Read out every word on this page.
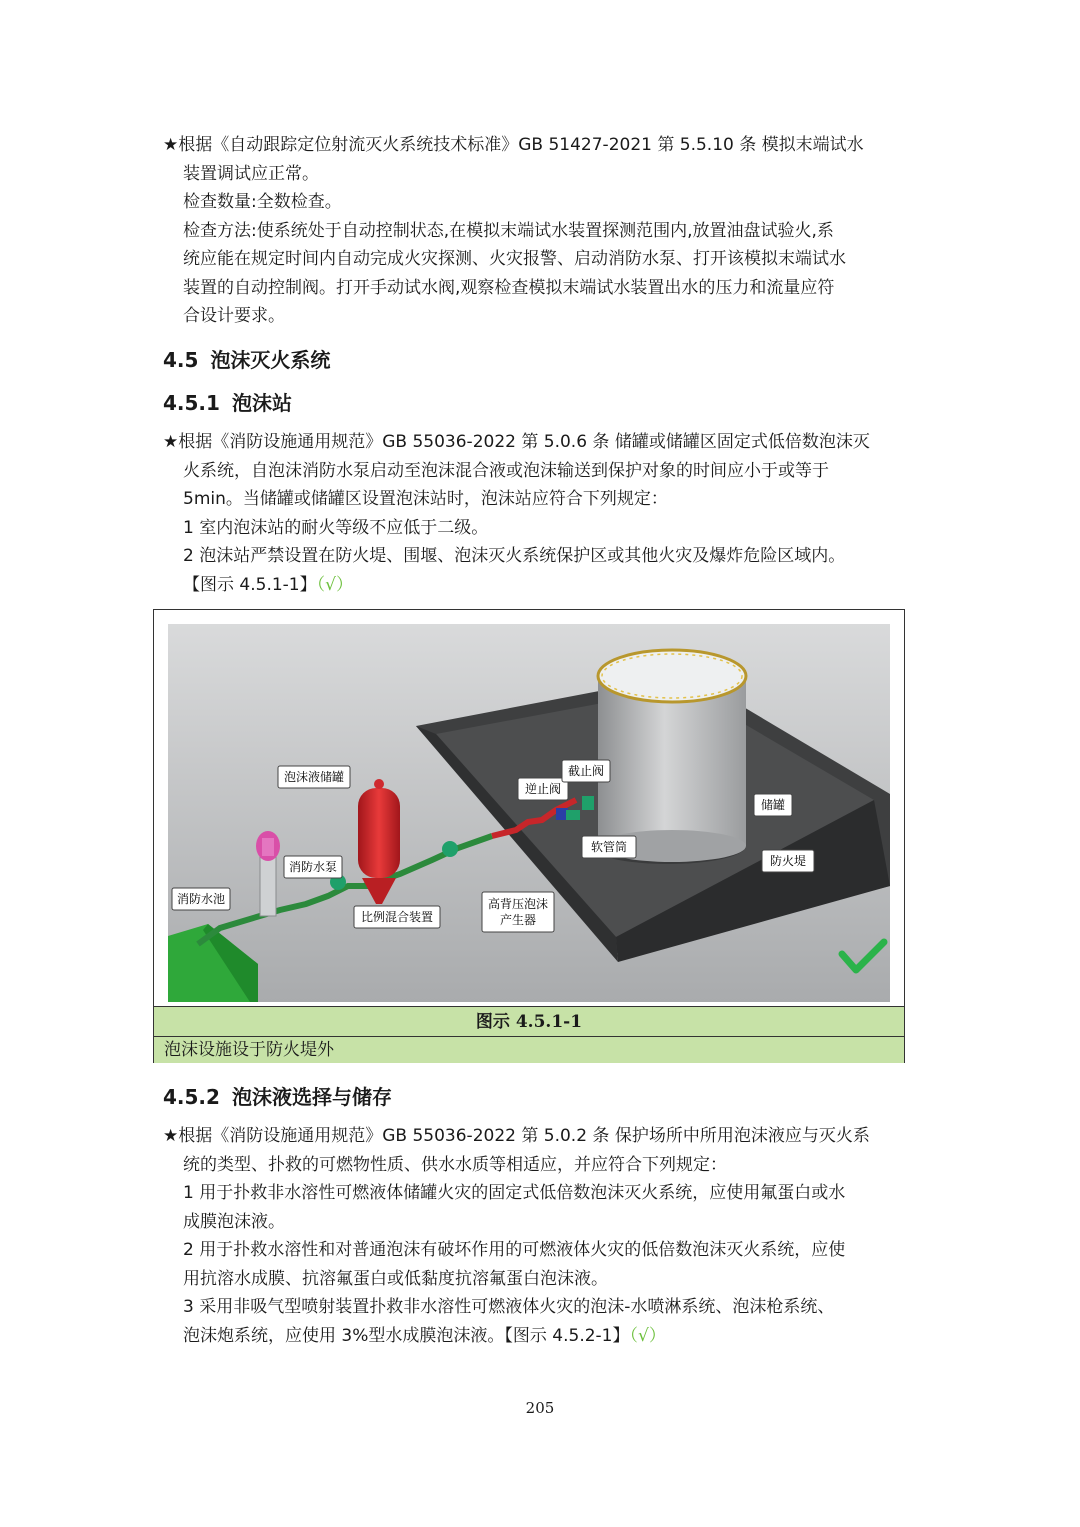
★根据《自动跟踪定位射流灭火系统技术标准》GB 51427-2021 第 5.5.10 条 模拟末端试水

装置调试应正常。

检查数量:全数检查。

检查方法:使系统处于自动控制状态,在模拟末端试水装置探测范围内,放置油盘试验火,系

统应能在规定时间内自动完成火灾探测、火灾报警、启动消防水泵、打开该模拟末端试水

装置的自动控制阀。打开手动试水阀,观察检查模拟末端试水装置出水的压力和流量应符

合设计要求。

4.5 泡沫灭火系统
4.5.1 泡沫站

★根据《消防设施通用规范》GB 55036-2022 第 5.0.6 条 储罐或储罐区固定式低倍数泡沫灭

火系统，自泡沫消防水泵启动至泡沫混合液或泡沫输送到保护对象的时间应小于或等于

5min。当储罐或储罐区设置泡沫站时，泡沫站应符合下列规定：

1 室内泡沫站的耐火等级不应低于二级。

2 泡沫站严禁设置在防火堤、围堰、泡沫灭火系统保护区或其他火灾及爆炸危险区域内。

【图示 4.5.1-1】（√）

消防水池
消防水泵
泡沫液储罐
比例混合装置
高背压泡沫
产生器
逆止阀
截止阀
软管筒
储罐
防火堤
图示 4.5.1-1
泡沫设施设于防火堤外
4.5.2 泡沫液选择与储存

★根据《消防设施通用规范》GB 55036-2022 第 5.0.2 条 保护场所中所用泡沫液应与灭火系

统的类型、扑救的可燃物性质、供水水质等相适应，并应符合下列规定：

1 用于扑救非水溶性可燃液体储罐火灾的固定式低倍数泡沫灭火系统，应使用氟蛋白或水

成膜泡沫液。

2 用于扑救水溶性和对普通泡沫有破坏作用的可燃液体火灾的低倍数泡沫灭火系统，应使

用抗溶水成膜、抗溶氟蛋白或低黏度抗溶氟蛋白泡沫液。

3 采用非吸气型喷射装置扑救非水溶性可燃液体火灾的泡沫-水喷淋系统、泡沫枪系统、

泡沫炮系统，应使用 3%型水成膜泡沫液。【图示 4.5.2-1】（√）

205
